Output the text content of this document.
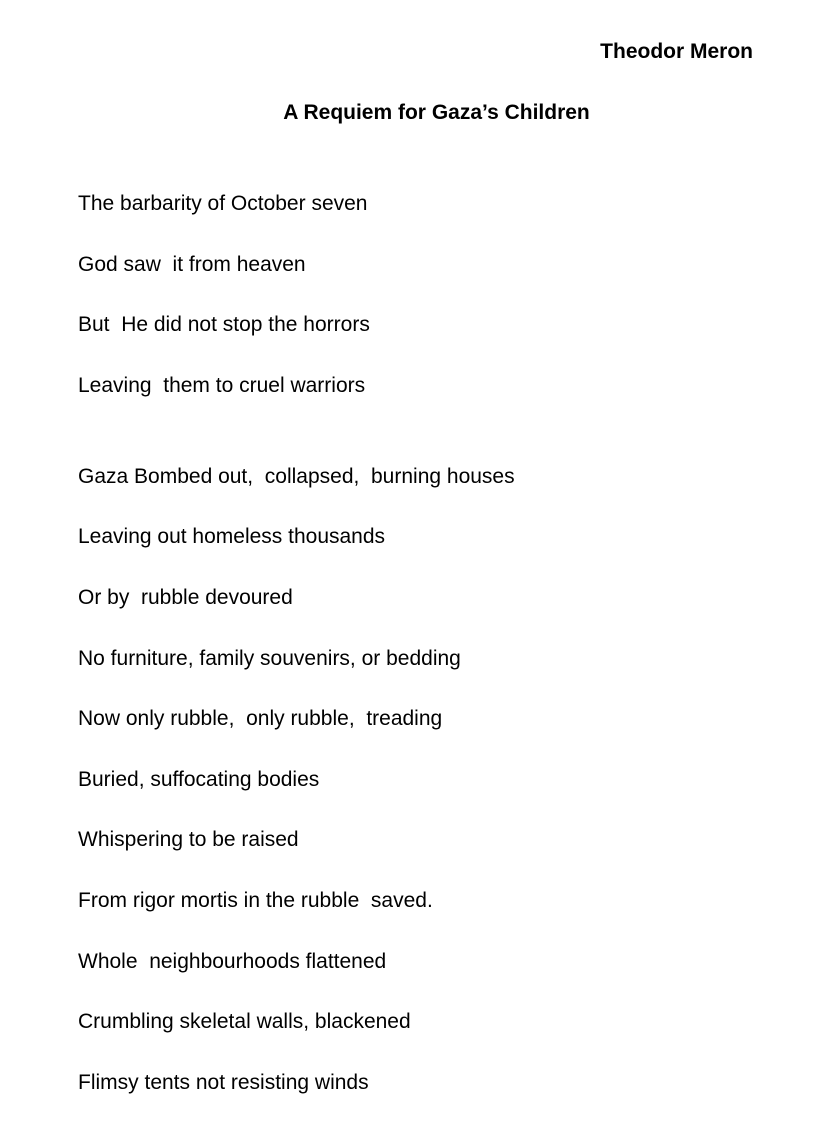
Theodor Meron
A Requiem for Gaza’s Children
The barbarity of October seven
God saw  it from heaven
But  He did not stop the horrors
Leaving  them to cruel warriors
Gaza Bombed out,  collapsed,  burning houses
Leaving out homeless thousands
Or by  rubble devoured
No furniture, family souvenirs, or bedding
Now only rubble,  only rubble,  treading
Buried, suffocating bodies
Whispering to be raised
From rigor mortis in the rubble  saved.
Whole  neighbourhoods flattened
Crumbling skeletal walls, blackened
Flimsy tents not resisting winds
